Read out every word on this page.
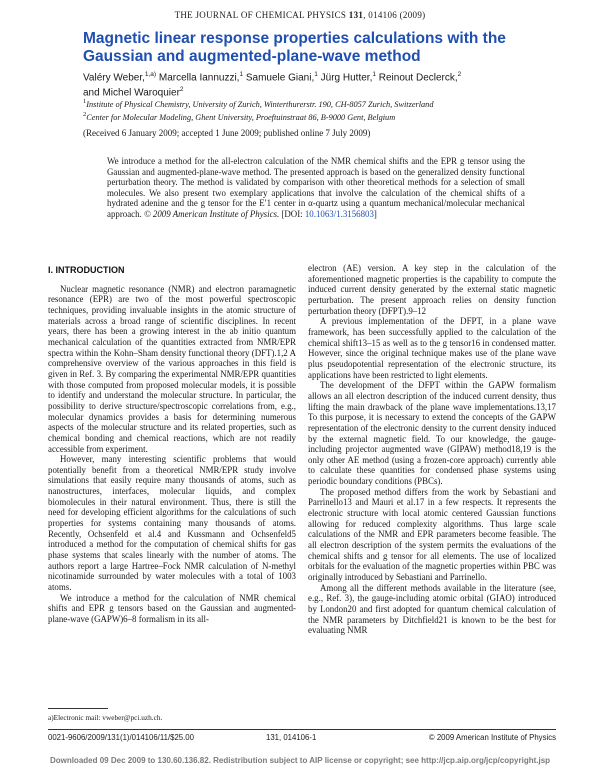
THE JOURNAL OF CHEMICAL PHYSICS 131, 014106 (2009)
Magnetic linear response properties calculations with the Gaussian and augmented-plane-wave method
Valéry Weber,$^{1,a)}$ Marcella Iannuzzi,$^1$ Samuele Giani,$^1$ Jürg Hutter,$^1$ Reinout Declerck,$^2$
and Michel Waroquier$^2$
$^1$Institute of Physical Chemistry, University of Zurich, Winterthurerstr. 190, CH-8057 Zurich, Switzerland
$^2$Center for Molecular Modeling, Ghent University, Proeftuinstraat 86, B-9000 Gent, Belgium
(Received 6 January 2009; accepted 1 June 2009; published online 7 July 2009)
We introduce a method for the all-electron calculation of the NMR chemical shifts and the EPR g tensor using the Gaussian and augmented-plane-wave method. The presented approach is based on the generalized density functional perturbation theory. The method is validated by comparison with other theoretical methods for a selection of small molecules. We also present two exemplary applications that involve the calculation of the chemical shifts of a hydrated adenine and the g tensor for the E′1 center in α-quartz using a quantum mechanical/molecular mechanical approach. © 2009 American Institute of Physics. [DOI: 10.1063/1.3156803]

I. INTRODUCTION

Nuclear magnetic resonance (NMR) and electron paramagnetic resonance (EPR) are two of the most powerful spectroscopic techniques, providing invaluable insights in the atomic structure of materials across a broad range of scientific disciplines. In recent years, there has been a growing interest in the ab initio quantum mechanical calculation of the quantities extracted from NMR/EPR spectra within the Kohn–Sham density functional theory (DFT).1,2 A comprehensive overview of the various approaches in this field is given in Ref. 3. By comparing the experimental NMR/EPR quantities with those computed from proposed molecular models, it is possible to identify and understand the molecular structure. In particular, the possibility to derive structure/spectroscopic correlations from, e.g., molecular dynamics provides a basis for determining numerous aspects of the molecular structure and its related properties, such as chemical bonding and chemical reactions, which are not readily accessible from experiment.

However, many interesting scientific problems that would potentially benefit from a theoretical NMR/EPR study involve simulations that easily require many thousands of atoms, such as nanostructures, interfaces, molecular liquids, and complex biomolecules in their natural environment. Thus, there is still the need for developing efficient algorithms for the calculations of such properties for systems containing many thousands of atoms. Recently, Ochsenfeld et al.4 and Kussmann and Ochsenfeld5 introduced a method for the computation of chemical shifts for gas phase systems that scales linearly with the number of atoms. The authors report a large Hartree–Fock NMR calculation of N-methyl nicotinamide surrounded by water molecules with a total of 1003 atoms.

We introduce a method for the calculation of NMR chemical shifts and EPR g tensors based on the Gaussian and augmented-plane-wave (GAPW)6–8 formalism in its all-

electron (AE) version. A key step in the calculation of the aforementioned magnetic properties is the capability to compute the induced current density generated by the external static magnetic perturbation. The present approach relies on density function perturbation theory (DFPT).9–12

A previous implementation of the DFPT, in a plane wave framework, has been successfully applied to the calculation of the chemical shift13–15 as well as to the g tensor16 in condensed matter. However, since the original technique makes use of the plane wave plus pseudopotential representation of the electronic structure, its applications have been restricted to light elements.

The development of the DFPT within the GAPW formalism allows an all electron description of the induced current density, thus lifting the main drawback of the plane wave implementations.13,17 To this purpose, it is necessary to extend the concepts of the GAPW representation of the electronic density to the current density induced by the external magnetic field. To our knowledge, the gauge-including projector augmented wave (GIPAW) method18,19 is the only other AE method (using a frozen-core approach) currently able to calculate these quantities for condensed phase systems using periodic boundary conditions (PBCs).

The proposed method differs from the work by Sebastiani and Parrinello13 and Mauri et al.17 in a few respects. It represents the electronic structure with local atomic centered Gaussian functions allowing for reduced complexity algorithms. Thus large scale calculations of the NMR and EPR parameters become feasible. The all electron description of the system permits the evaluations of the chemical shifts and g tensor for all elements. The use of localized orbitals for the evaluation of the magnetic properties within PBC was originally introduced by Sebastiani and Parrinello.

Among all the different methods available in the literature (see, e.g., Ref. 3), the gauge-including atomic orbital (GIAO) introduced by London20 and first adopted for quantum chemical calculation of the NMR parameters by Ditchfield21 is known to be the best for evaluating NMR

a)Electronic mail: vweber@pci.uzh.ch.
0021-9606/2009/131(1)/014106/11/$25.00	131, 014106-1	© 2009 American Institute of Physics
Downloaded 09 Dec 2009 to 130.60.136.82. Redistribution subject to AIP license or copyright; see http://jcp.aip.org/jcp/copyright.jsp
